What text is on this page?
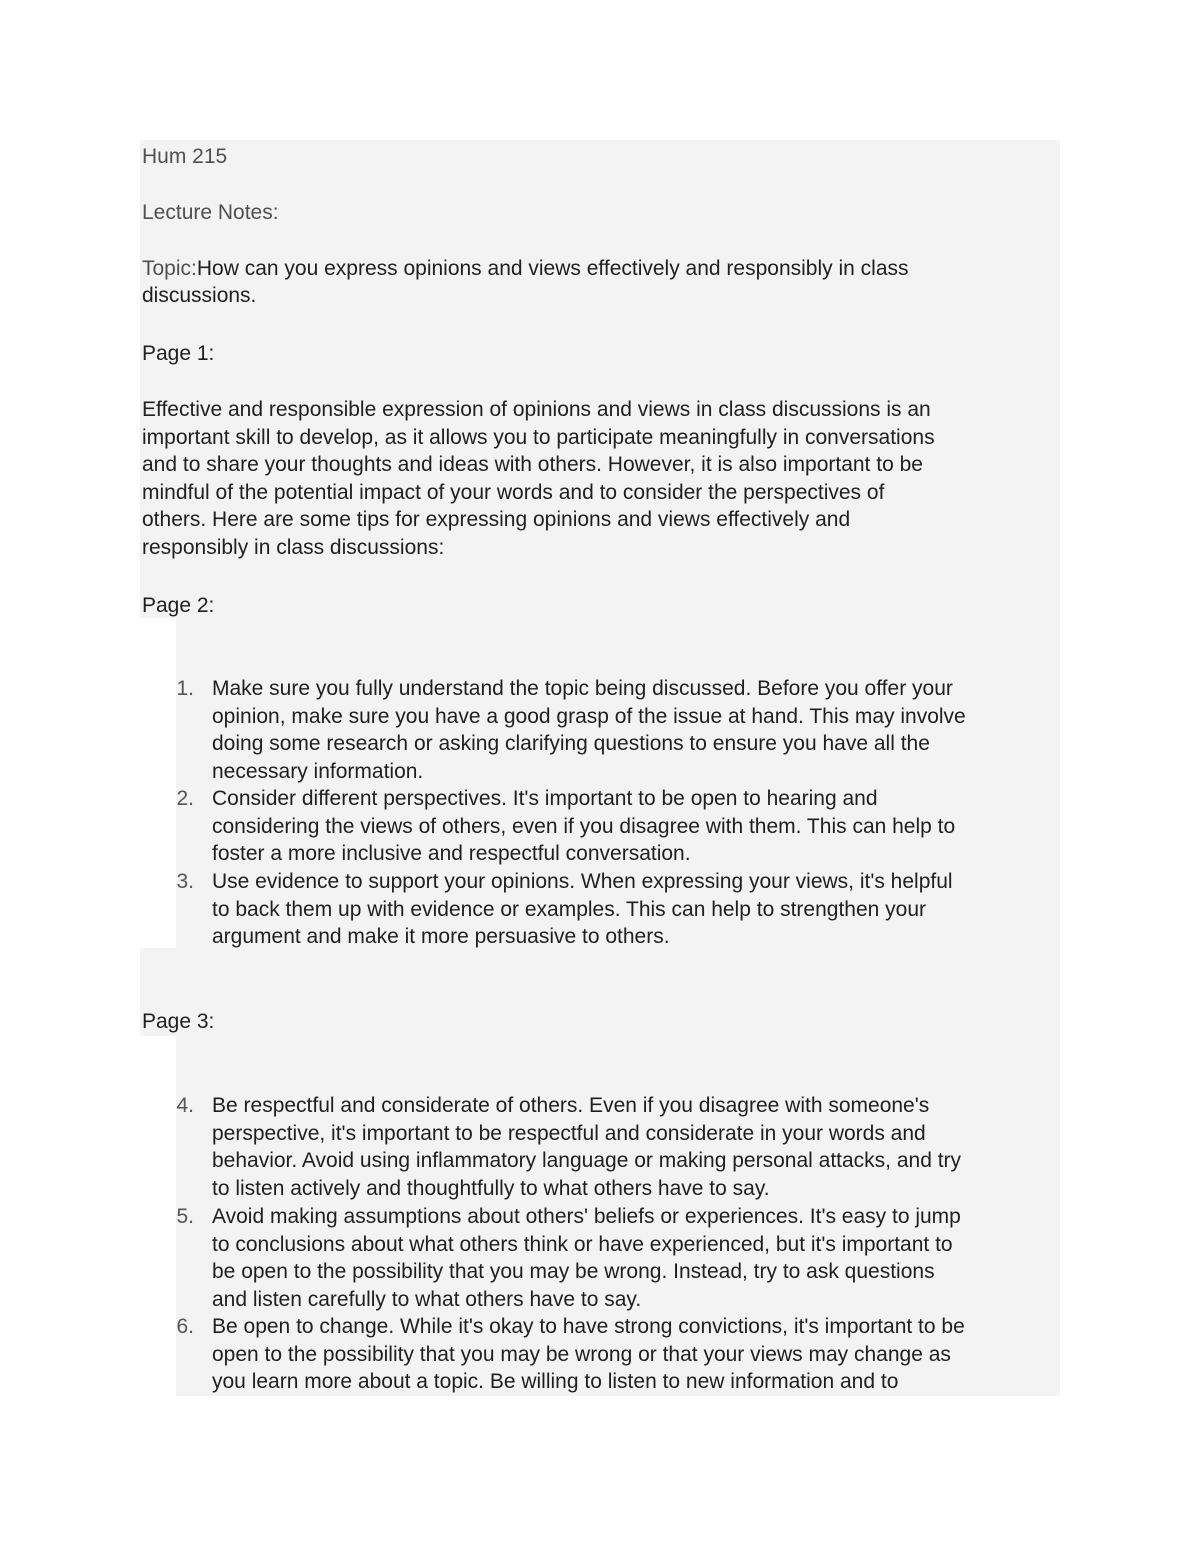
Hum 215

Lecture Notes:

Topic:How can you express opinions and views effectively and responsibly in class

discussions.

Page 1:

Effective and responsible expression of opinions and views in class discussions is an

important skill to develop, as it allows you to participate meaningfully in conversations

and to share your thoughts and ideas with others. However, it is also important to be

mindful of the potential impact of your words and to consider the perspectives of

others. Here are some tips for expressing opinions and views effectively and

responsibly in class discussions:

Page 2:

1. Make sure you fully understand the topic being discussed. Before you offer your
opinion, make sure you have a good grasp of the issue at hand. This may involve
doing some research or asking clarifying questions to ensure you have all the
necessary information.
2. Consider different perspectives. It's important to be open to hearing and
considering the views of others, even if you disagree with them. This can help to
foster a more inclusive and respectful conversation.
3. Use evidence to support your opinions. When expressing your views, it's helpful
to back them up with evidence or examples. This can help to strengthen your
argument and make it more persuasive to others.

Page 3:

4. Be respectful and considerate of others. Even if you disagree with someone's
perspective, it's important to be respectful and considerate in your words and
behavior. Avoid using inflammatory language or making personal attacks, and try
to listen actively and thoughtfully to what others have to say.
5. Avoid making assumptions about others' beliefs or experiences. It's easy to jump
to conclusions about what others think or have experienced, but it's important to
be open to the possibility that you may be wrong. Instead, try to ask questions
and listen carefully to what others have to say.
6. Be open to change. While it's okay to have strong convictions, it's important to be
open to the possibility that you may be wrong or that your views may change as
you learn more about a topic. Be willing to listen to new information and to
